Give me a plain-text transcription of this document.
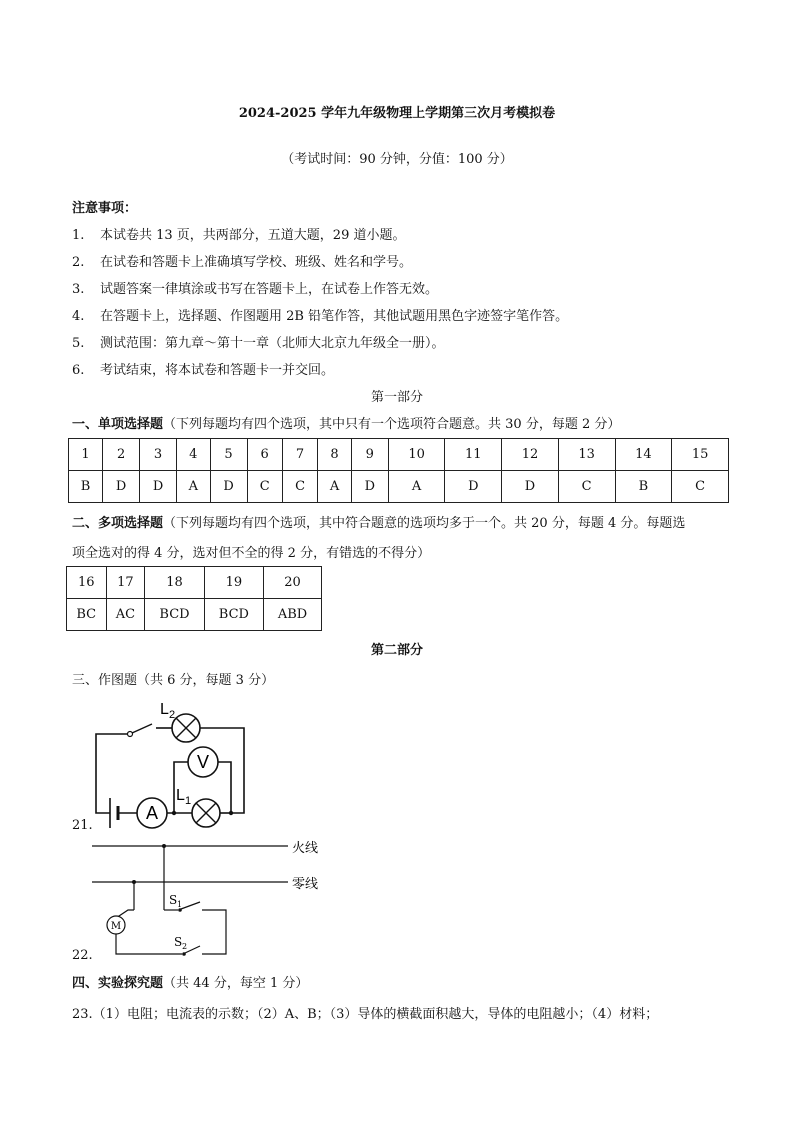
2024-2025 学年九年级物理上学期第三次月考模拟卷
（考试时间：90 分钟，分值：100 分）
注意事项：
1. 本试卷共 13 页，共两部分，五道大题，29 道小题。
2. 在试卷和答题卡上准确填写学校、班级、姓名和学号。
3. 试题答案一律填涂或书写在答题卡上，在试卷上作答无效。
4. 在答题卡上，选择题、作图题用 2B 铅笔作答，其他试题用黑色字迹签字笔作答。
5. 测试范围：第九章～第十一章（北师大北京九年级全一册）。
6. 考试结束，将本试卷和答题卡一并交回。
第一部分
一、单项选择题（下列每题均有四个选项，其中只有一个选项符合题意。共 30 分，每题 2 分）
1	2	3	4	5	6	7	8	9	10	11	12	13	14	15
B	D	D	A	D	C	C	A	D	A	D	D	C	B	C
二、多项选择题（下列每题均有四个选项，其中符合题意的选项均多于一个。共 20 分，每题 4 分。每题选
项全选对的得 4 分，选对但不全的得 2 分，有错选的不得分）
16	17	18	19	20
BC	AC	BCD	BCD	ABD
第二部分
三、作图题（共 6 分，每题 3 分）
21.
A
V
L 2
L 1
22.
火线
零线
S 1
M
S 2
四、实验探究题（共 44 分，每空 1 分）
23.（1）电阻；电流表的示数；（2）A、B；（3）导体的横截面积越大，导体的电阻越小；（4）材料；
